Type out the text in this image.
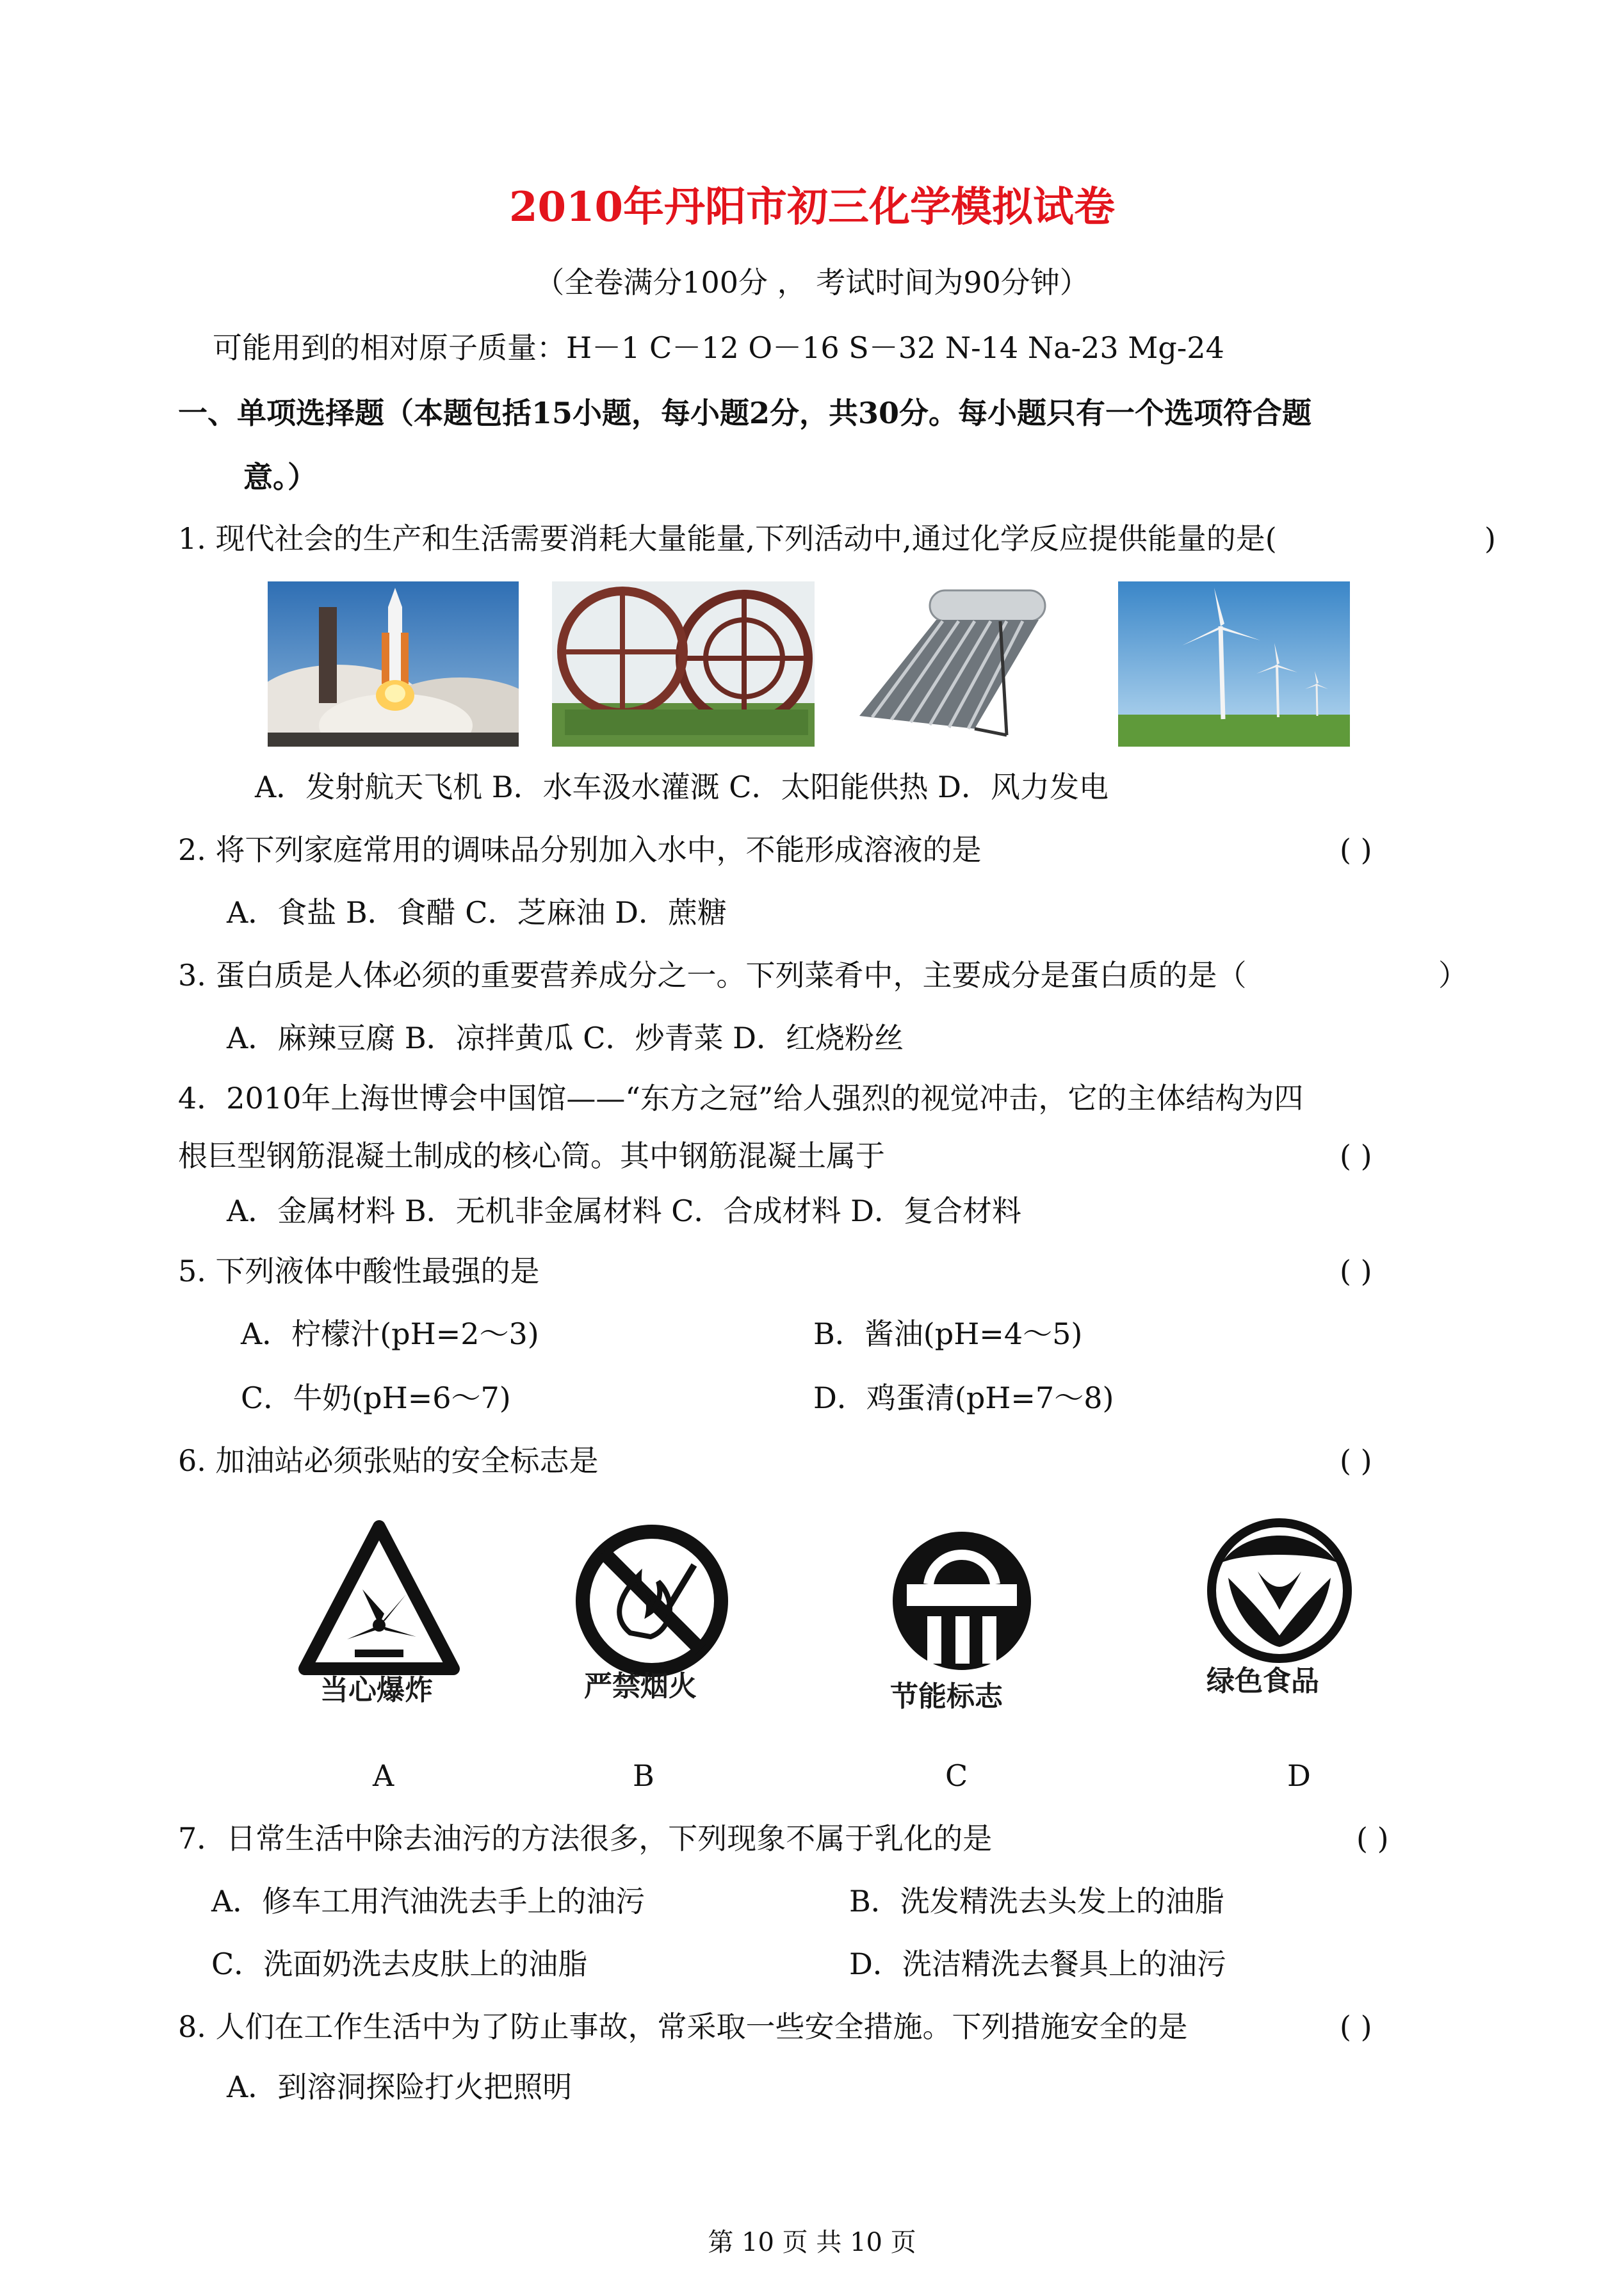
2010年丹阳市初三化学模拟试卷
（全卷满分100分 ， 考试时间为90分钟）
可能用到的相对原子质量：H－1 C－12 O－16 S－32 N-14 Na-23 Mg-24
一、单项选择题（本题包括15小题，每小题2分，共30分。每小题只有一个选项符合题
意。）
1. 现代社会的生产和生活需要消耗大量能量,下列活动中,通过化学反应提供能量的是(	)
A．发射航天飞机 B．水车汲水灌溉 C．太阳能供热 D．风力发电
2. 将下列家庭常用的调味品分别加入水中，不能形成溶液的是	( )
A．食盐 B．食醋 C．芝麻油 D．蔗糖
3. 蛋白质是人体必须的重要营养成分之一。下列菜肴中，主要成分是蛋白质的是（	）
A．麻辣豆腐 B．凉拌黄瓜 C．炒青菜 D．红烧粉丝
4．2010年上海世博会中国馆——“东方之冠”给人强烈的视觉冲击，它的主体结构为四
根巨型钢筋混凝土制成的核心筒。其中钢筋混凝土属于	( )
A．金属材料 B．无机非金属材料 C．合成材料 D．复合材料
5. 下列液体中酸性最强的是	( )
A．柠檬汁(pH=2～3)	B．酱油(pH=4～5)
C．牛奶(pH=6～7)	D．鸡蛋清(pH=7～8)
6. 加油站必须张贴的安全标志是	( )
当心爆炸	严禁烟火	节能标志	绿色食品
A	B	C	D
7．日常生活中除去油污的方法很多，下列现象不属于乳化的是	( )
A．修车工用汽油洗去手上的油污	B．洗发精洗去头发上的油脂
C．洗面奶洗去皮肤上的油脂	D．洗洁精洗去餐具上的油污
8. 人们在工作生活中为了防止事故，常采取一些安全措施。下列措施安全的是	( )
A．到溶洞探险打火把照明
第 10 页 共 10 页
